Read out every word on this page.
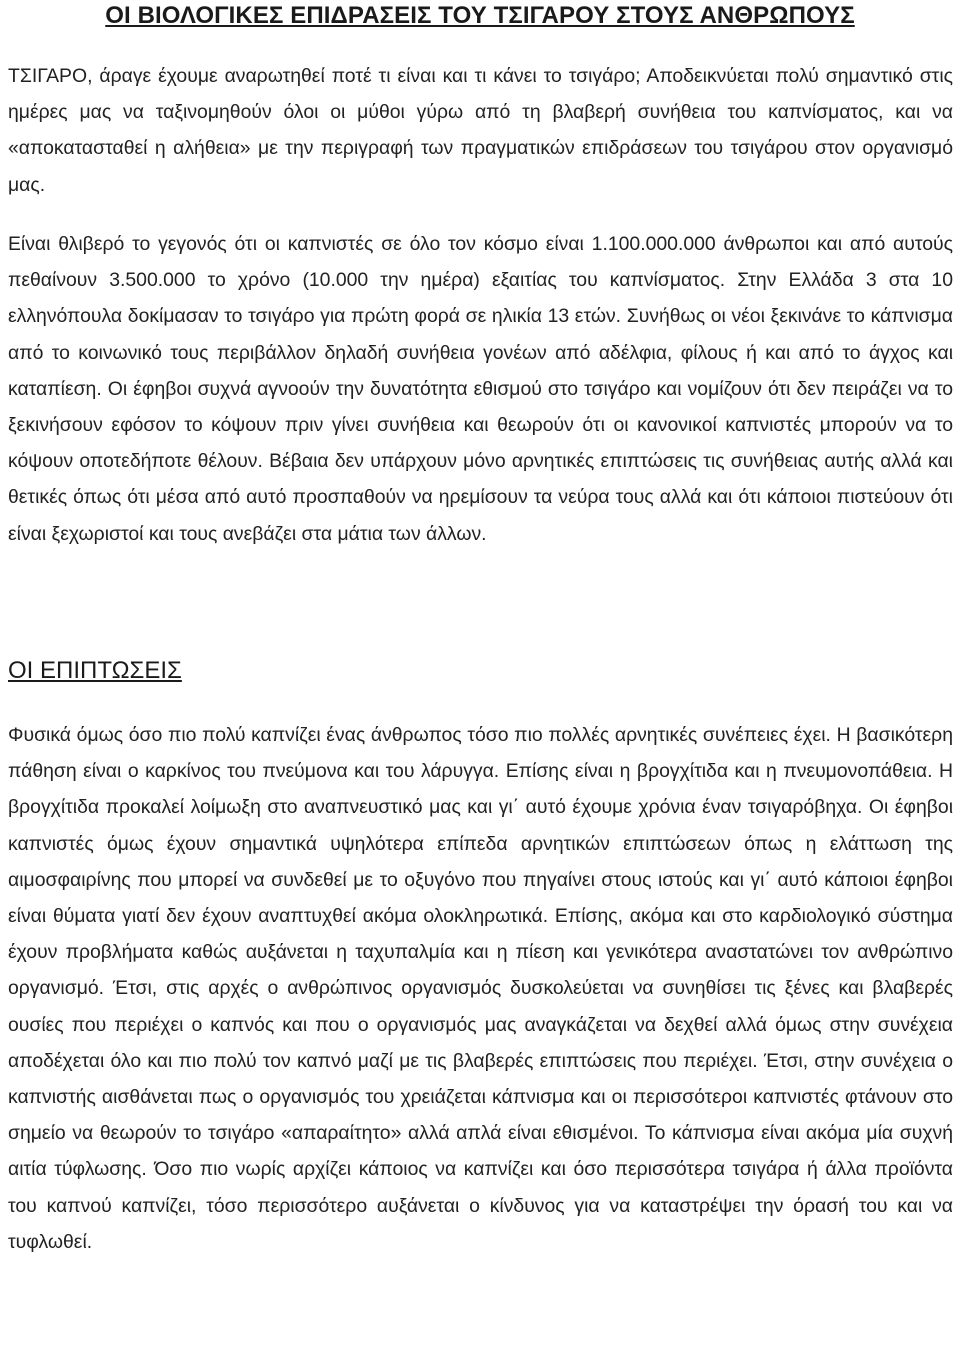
ΟΙ ΒΙΟΛΟΓΙΚΕΣ ΕΠΙΔΡΑΣΕΙΣ ΤΟΥ ΤΣΙΓΑΡΟΥ ΣΤΟΥΣ ΑΝΘΡΩΠΟΥΣ

ΤΣΙΓΑΡΟ, άραγε έχουμε αναρωτηθεί ποτέ τι είναι και τι κάνει το τσιγάρο; Αποδεικνύεται πολύ σημαντικό στις ημέρες μας να ταξινομηθούν όλοι οι μύθοι γύρω από τη βλαβερή συνήθεια του καπνίσματος, και να «αποκατασταθεί η αλήθεια» με την περιγραφή των πραγματικών επιδράσεων του τσιγάρου στον οργανισμό μας.

Είναι θλιβερό το γεγονός ότι οι καπνιστές σε όλο τον κόσμο είναι 1.100.000.000 άνθρωποι και από αυτούς πεθαίνουν 3.500.000 το χρόνο (10.000 την ημέρα) εξαιτίας του καπνίσματος. Στην Ελλάδα 3 στα 10 ελληνόπουλα δοκίμασαν το τσιγάρο για πρώτη φορά σε ηλικία 13 ετών. Συνήθως οι νέοι ξεκινάνε το κάπνισμα από το κοινωνικό τους περιβάλλον δηλαδή συνήθεια γονέων από αδέλφια, φίλους ή και από το άγχος και καταπίεση. Οι έφηβοι συχνά αγνοούν την δυνατότητα εθισμού στο τσιγάρο και νομίζουν ότι δεν πειράζει να το ξεκινήσουν εφόσον το κόψουν πριν γίνει συνήθεια και θεωρούν ότι οι κανονικοί καπνιστές μπορούν να το κόψουν οποτεδήποτε θέλουν. Βέβαια δεν υπάρχουν μόνο αρνητικές επιπτώσεις τις συνήθειας αυτής αλλά και θετικές όπως ότι μέσα από αυτό προσπαθούν να ηρεμίσουν τα νεύρα τους αλλά και ότι κάποιοι πιστεύουν ότι είναι ξεχωριστοί και τους ανεβάζει στα μάτια των άλλων.

ΟΙ ΕΠΙΠΤΩΣΕΙΣ

Φυσικά όμως όσο πιο πολύ καπνίζει ένας άνθρωπος τόσο πιο πολλές αρνητικές συνέπειες έχει. Η βασικότερη πάθηση είναι ο καρκίνος του πνεύμονα και του λάρυγγα. Επίσης είναι η βρογχίτιδα και η πνευμονοπάθεια. Η βρογχίτιδα προκαλεί λοίμωξη στο αναπνευστικό μας και γι΄ αυτό έχουμε χρόνια έναν τσιγαρόβηχα. Οι έφηβοι καπνιστές όμως έχουν σημαντικά υψηλότερα επίπεδα αρνητικών επιπτώσεων όπως η ελάττωση της αιμοσφαιρίνης που μπορεί να συνδεθεί με το οξυγόνο που πηγαίνει στους ιστούς και γι΄ αυτό κάποιοι έφηβοι είναι θύματα γιατί δεν έχουν αναπτυχθεί ακόμα ολοκληρωτικά. Επίσης, ακόμα και στο καρδιολογικό σύστημα έχουν προβλήματα καθώς αυξάνεται η ταχυπαλμία και η πίεση και γενικότερα αναστατώνει τον ανθρώπινο οργανισμό. Έτσι, στις αρχές ο ανθρώπινος οργανισμός δυσκολεύεται να συνηθίσει τις ξένες και βλαβερές ουσίες που περιέχει ο καπνός και που ο οργανισμός μας αναγκάζεται να δεχθεί αλλά όμως στην συνέχεια αποδέχεται όλο και πιο πολύ τον καπνό μαζί με τις βλαβερές επιπτώσεις που περιέχει. Έτσι, στην συνέχεια ο καπνιστής αισθάνεται πως ο οργανισμός του χρειάζεται κάπνισμα και οι περισσότεροι καπνιστές φτάνουν στο σημείο να θεωρούν το τσιγάρο «απαραίτητο» αλλά απλά είναι εθισμένοι. Το κάπνισμα είναι ακόμα μία συχνή αιτία τύφλωσης. Όσο πιο νωρίς αρχίζει κάποιος να καπνίζει και όσο περισσότερα τσιγάρα ή άλλα προϊόντα του καπνού καπνίζει, τόσο περισσότερο αυξάνεται ο κίνδυνος για να καταστρέψει την όρασή του και να τυφλωθεί.
